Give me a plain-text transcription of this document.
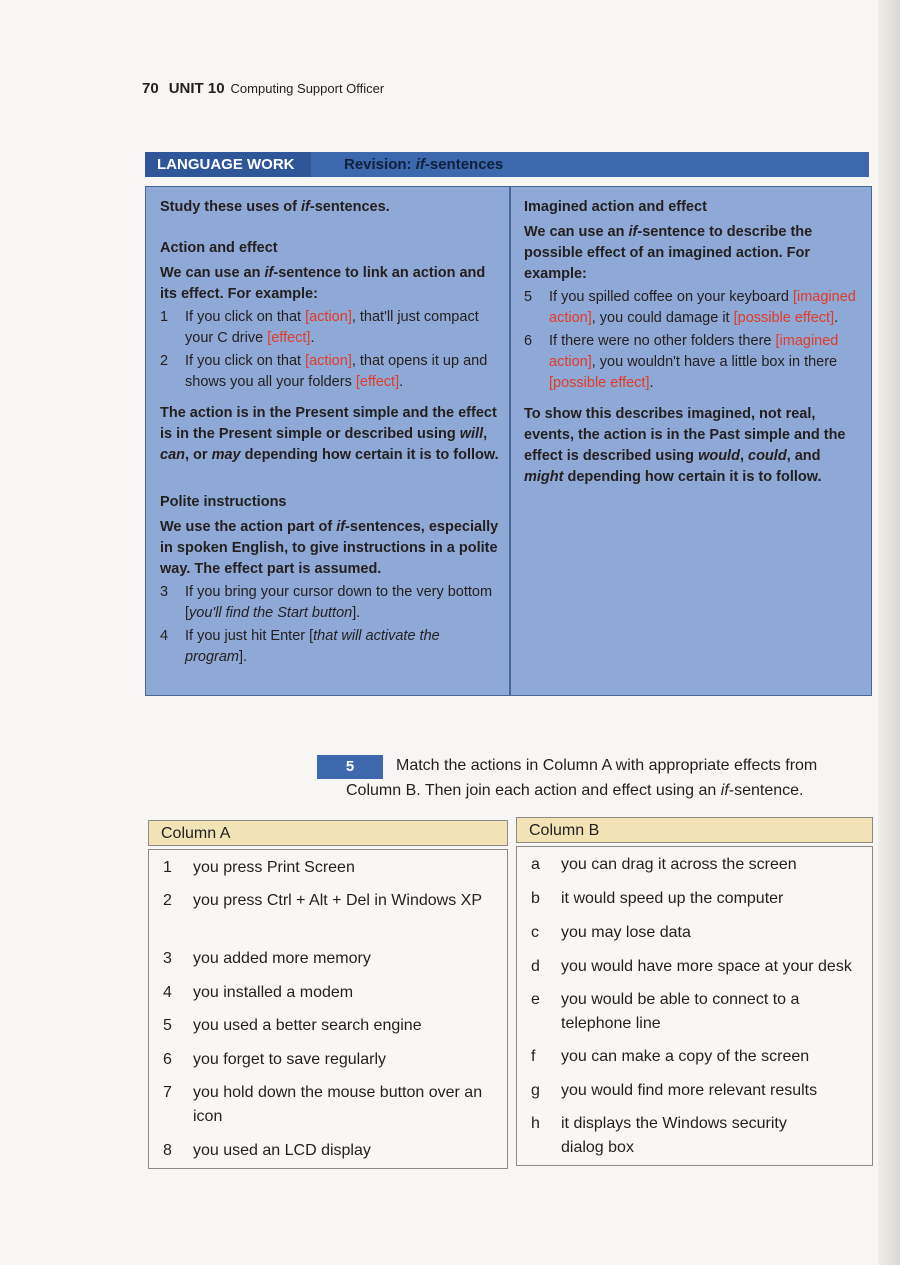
70 UNIT 10 Computing Support Officer
LANGUAGE WORK	Revision: if-sentences
Study these uses of if-sentences.
Action and effect
We can use an if-sentence to link an action and its effect. For example:
1	If you click on that [action], that'll just compact your C drive [effect].
2	If you click on that [action], that opens it up and shows you all your folders [effect].
The action is in the Present simple and the effect is in the Present simple or described using will, can, or may depending how certain it is to follow.
Polite instructions
We use the action part of if-sentences, especially in spoken English, to give instructions in a polite way. The effect part is assumed.
3	If you bring your cursor down to the very bottom [you'll find the Start button].
4	If you just hit Enter [that will activate the program].
Imagined action and effect
We can use an if-sentence to describe the possible effect of an imagined action. For example:
5	If you spilled coffee on your keyboard [imagined action], you could damage it [possible effect].
6	If there were no other folders there [imagined action], you wouldn't have a little box in there [possible effect].
To show this describes imagined, not real, events, the action is in the Past simple and the effect is described using would, could, and might depending how certain it is to follow.
5	Match the actions in Column A with appropriate effects from
Column B. Then join each action and effect using an if-sentence.
Column A	Column B
1	you press Print Screen
2	you press Ctrl + Alt + Del in Windows XP
3	you added more memory
4	you installed a modem
5	you used a better search engine
6	you forget to save regularly
7	you hold down the mouse button over an icon
8	you used an LCD display
a	you can drag it across the screen
b	it would speed up the computer
c	you may lose data
d	you would have more space at your desk
e	you would be able to connect to a telephone line
f	you can make a copy of the screen
g	you would find more relevant results
h	it displays the Windows security dialog box
